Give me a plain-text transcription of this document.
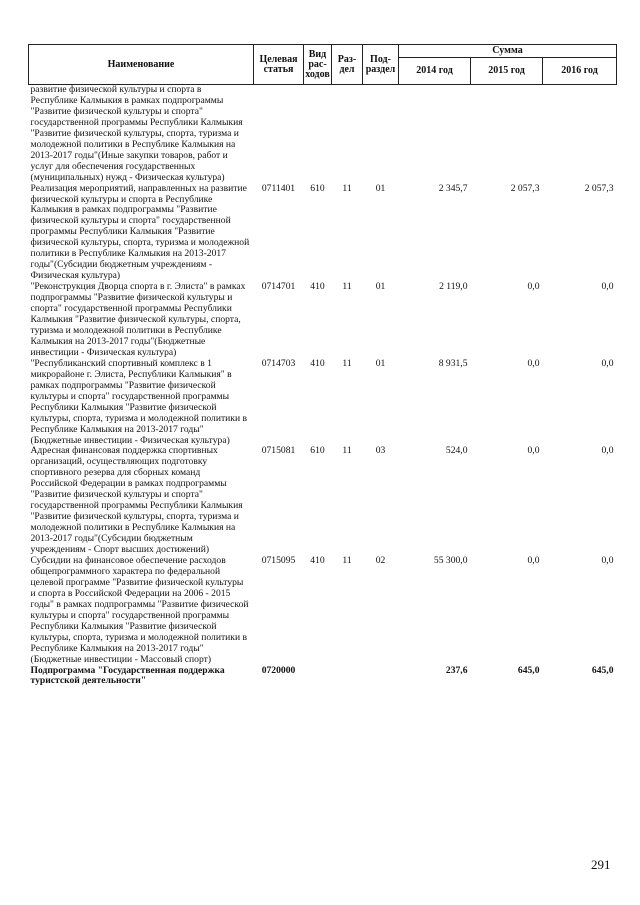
Наименование	Целевая статья	Вид рас-ходов	Раз-дел	Под-раздел	Сумма		
					2014 год	2015 год	2016 год
развитие физической культуры и спорта в Республике Калмыкия в рамках подпрограммы "Развитие физической культуры и спорта" государственной программы Республики Калмыкия "Развитие физической культуры, спорта, туризма и молодежной политики в Республике Калмыкия на 2013-2017 годы"(Иные закупки товаров, работ и услуг для обеспечения государственных (муниципальных) нужд - Физическая культура)							
Реализация мероприятий, направленных на развитие физической культуры и спорта в Республике Калмыкия в рамках подпрограммы "Развитие физической культуры и спорта" государственной программы Республики Калмыкия "Развитие физической культуры, спорта, туризма и молодежной политики в Республике Калмыкия на 2013-2017 годы"(Субсидии бюджетным учреждениям - Физическая культура)	0711401	610	11	01	2 345,7	2 057,3	2 057,3
"Реконструкция Дворца спорта в г. Элиста" в рамках подпрограммы "Развитие физической культуры и спорта" государственной программы Республики Калмыкия "Развитие физической культуры, спорта, туризма и молодежной политики в Республике Калмыкия на 2013-2017 годы"(Бюджетные инвестиции - Физическая культура)	0714701	410	11	01	2 119,0	0,0	0,0
"Республиканский спортивный комплекс в 1 микрорайоне г. Элиста, Республики Калмыкия" в рамках подпрограммы "Развитие физической культуры и спорта" государственной программы Республики Калмыкия "Развитие физической культуры, спорта, туризма и молодежной политики в Республике Калмыкия на 2013-2017 годы"(Бюджетные инвестиции - Физическая культура)	0714703	410	11	01	8 931,5	0,0	0,0
Адресная финансовая поддержка спортивных организаций, осуществляющих подготовку спортивного резерва для сборных команд Российской Федерации в рамках подпрограммы "Развитие физической культуры и спорта" государственной программы Республики Калмыкия "Развитие физической культуры, спорта, туризма и молодежной политики в Республике Калмыкия на 2013-2017 годы"(Субсидии бюджетным учреждениям - Спорт высших достижений)	0715081	610	11	03	524,0	0,0	0,0
Субсидии на финансовое обеспечение расходов общепрограммного характера по федеральной целевой программе "Развитие физической культуры и спорта в Российской Федерации на 2006 - 2015 годы" в рамках подпрограммы "Развитие физической культуры и спорта" государственной программы Республики Калмыкия "Развитие физической культуры, спорта, туризма и молодежной политики в Республике Калмыкия на 2013-2017 годы"(Бюджетные инвестиции - Массовый спорт)	0715095	410	11	02	55 300,0	0,0	0,0
Подпрограмма "Государственная поддержка туристской деятельности"	0720000				237,6	645,0	645,0
291
